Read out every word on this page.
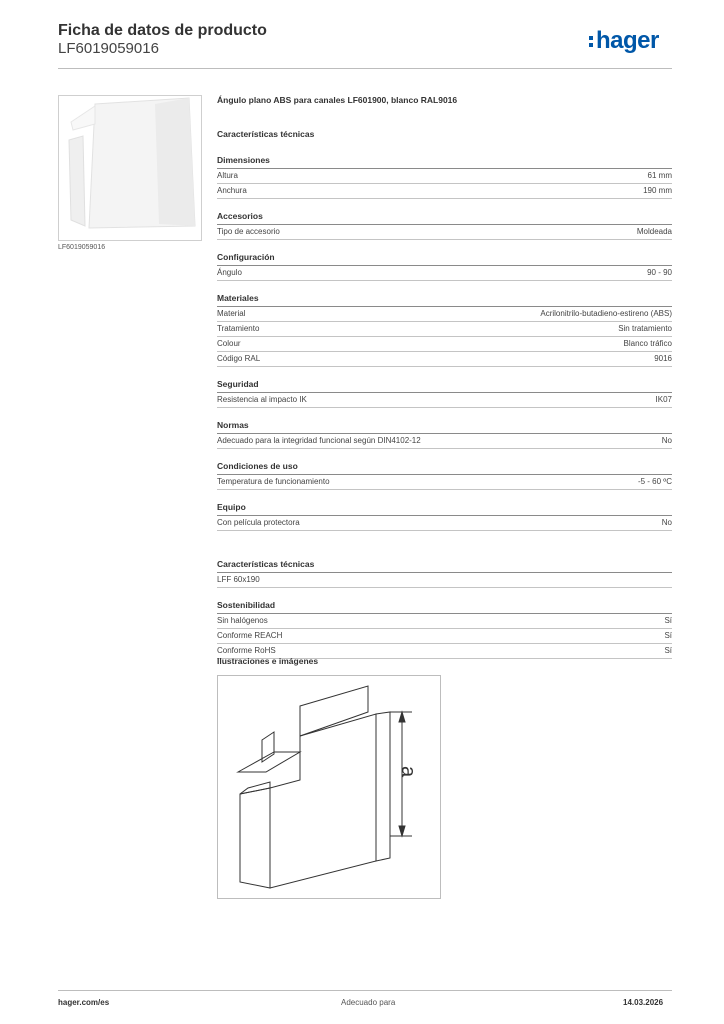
Ficha de datos de producto
LF6019059016	hager
LF6019059016
Ángulo plano ABS para canales LF601900, blanco RAL9016
Características técnicas
Dimensiones
Altura	61 mm
Anchura	190 mm
Accesorios
Tipo de accesorio	Moldeada
Configuración
Ángulo	90 - 90
Materiales
Material	Acrilonitrilo-butadieno-estireno (ABS)
Tratamiento	Sin tratamiento
Colour	Blanco tráfico
Código RAL	9016
Seguridad
Resistencia al impacto IK	IK07
Normas
Adecuado para la integridad funcional según DIN4102-12	No
Condiciones de uso
Temperatura de funcionamiento	-5 - 60 ºC
Equipo
Con película protectora	No
Características técnicas
LFF 60x190
Sostenibilidad
Sin halógenos	Sí
Conforme REACH	Sí
Conforme RoHS	Sí
Ilustraciones e imágenes
a
hager.com/es	Adecuado para	14.03.2026
